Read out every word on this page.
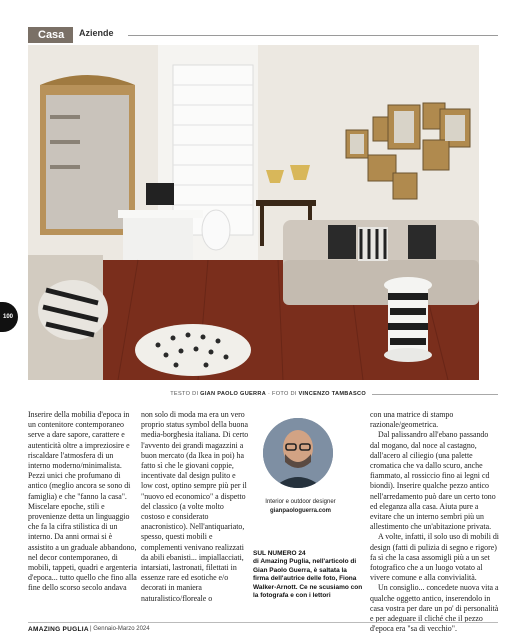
Casa	Aziende
100
TESTO DI GIAN PAOLO GUERRA · FOTO DI VINCENZO TAMBASCO

Inserire della mobilia d'epoca in un contenitore contemporaneo serve a dare sapore, carattere e autenticità oltre a impreziosire e riscaldare l'atmosfera di un interno moderno/minimalista. Pezzi unici che profumano di antico (meglio ancora se sono di famiglia) e che "fanno la casa". Miscelare epoche, stili e provenienze detta un linguaggio che fa la cifra stilistica di un interno. Da anni ormai si è assistito a un graduale abbandono, nel decor contemporaneo, di mobili, tappeti, quadri e argenteria d'epoca... tutto quello che fino alla fine dello scorso secolo andava

non solo di moda ma era un vero proprio status symbol della buona media-borghesia italiana. Di certo l'avvento dei grandi magazzini a buon mercato (da Ikea in poi) ha fatto sì che le giovani coppie, incentivate dal design pulito e low cost, optino sempre più per il "nuovo ed economico" a dispetto del classico (a volte molto costoso e considerato anacronistico). Nell'antiquariato, spesso, questi mobili e complementi venivano realizzati da abili ebanisti... impiallacciati, intarsiati, lastronati, filettati in essenze rare ed esotiche e/o decorati in maniera naturalistico/floreale o

Interior e outdoor designer
gianpaologuerra.com
SUL NUMERO 24
di Amazing Puglia, nell'articolo di Gian Paolo Guerra, è saltata la firma dell'autrice delle foto, Fiona Walker-Arnott. Ce ne scusiamo con la fotografa e con i lettori

con una matrice di stampo razionale/geometrica.

Dal palissandro all'ebano passando dal mogano, dal noce al castagno, dall'acero al ciliegio (una palette cromatica che va dallo scuro, anche fiammato, al rossiccio fino ai legni cd biondi). Inserire qualche pezzo antico nell'arredamento può dare un certo tono ed eleganza alla casa. Aiuta pure a evitare che un interno sembri più un allestimento che un'abitazione privata.

A volte, infatti, il solo uso di mobili di design (fatti di pulizia di segno e rigore) fa sì che la casa assomigli più a un set fotografico che a un luogo votato al vivere comune e alla convivialità.

Un consiglio... concedete nuova vita a qualche oggetto antico, inserendolo in casa vostra per dare un po' di personalità e per adeguare il cliché che il pezzo d'epoca era "sa di vecchio".

AMAZING PUGLIA | Gennaio-Marzo 2024
